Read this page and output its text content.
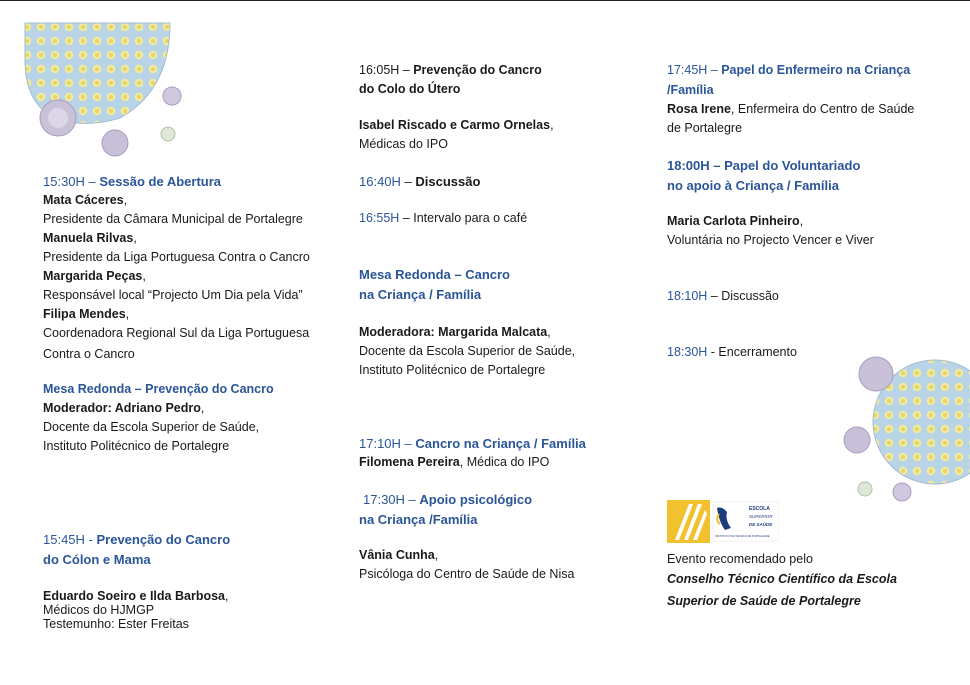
15:30H – Sessão de Abertura
Mata Cáceres,
Presidente da Câmara Municipal de Portalegre
Manuela Rilvas,
Presidente da Liga Portuguesa Contra o Cancro
Margarida Peças,
Responsável local “Projecto Um Dia pela Vida”
Filipa Mendes,
Coordenadora Regional Sul da Liga Portuguesa
Contra o Cancro
Mesa Redonda – Prevenção do Cancro
Moderador: Adriano Pedro,
Docente da Escola Superior de Saúde,
Instituto Politécnico de Portalegre
15:45H - Prevenção do Cancro
do Cólon e Mama
Eduardo Soeiro e Ilda Barbosa,
Médicos do HJMGP
Testemunho: Ester Freitas
16:05H – Prevenção do Cancro
do Colo do Útero
Isabel Riscado e Carmo Ornelas,
Médicas do IPO
16:40H – Discussão
16:55H – Intervalo para o café
Mesa Redonda – Cancro
na Criança / Família
Moderadora: Margarida Malcata,
Docente da Escola Superior de Saúde,
Instituto Politécnico de Portalegre
17:10H – Cancro na Criança / Família
Filomena Pereira, Médica do IPO
17:30H – Apoio psicológico
na Criança /Família
Vânia Cunha,
Psicóloga do Centro de Saúde de Nisa
17:45H – Papel do Enfermeiro na Criança
/Família
Rosa Irene, Enfermeira do Centro de Saúde
de Portalegre
18:00H – Papel do Voluntariado
no apoio à Criança / Família
Maria Carlota Pinheiro,
Voluntária no Projecto Vencer e Viver
18:10H – Discussão
18:30H - Encerramento
ESCOLA
SUPERIOR
DE SAÚDE
INSTITUTO POLITÉCNICO DE PORTALEGRE
Evento recomendado pelo
Conselho Técnico Científico da Escola
Superior de Saúde de Portalegre
